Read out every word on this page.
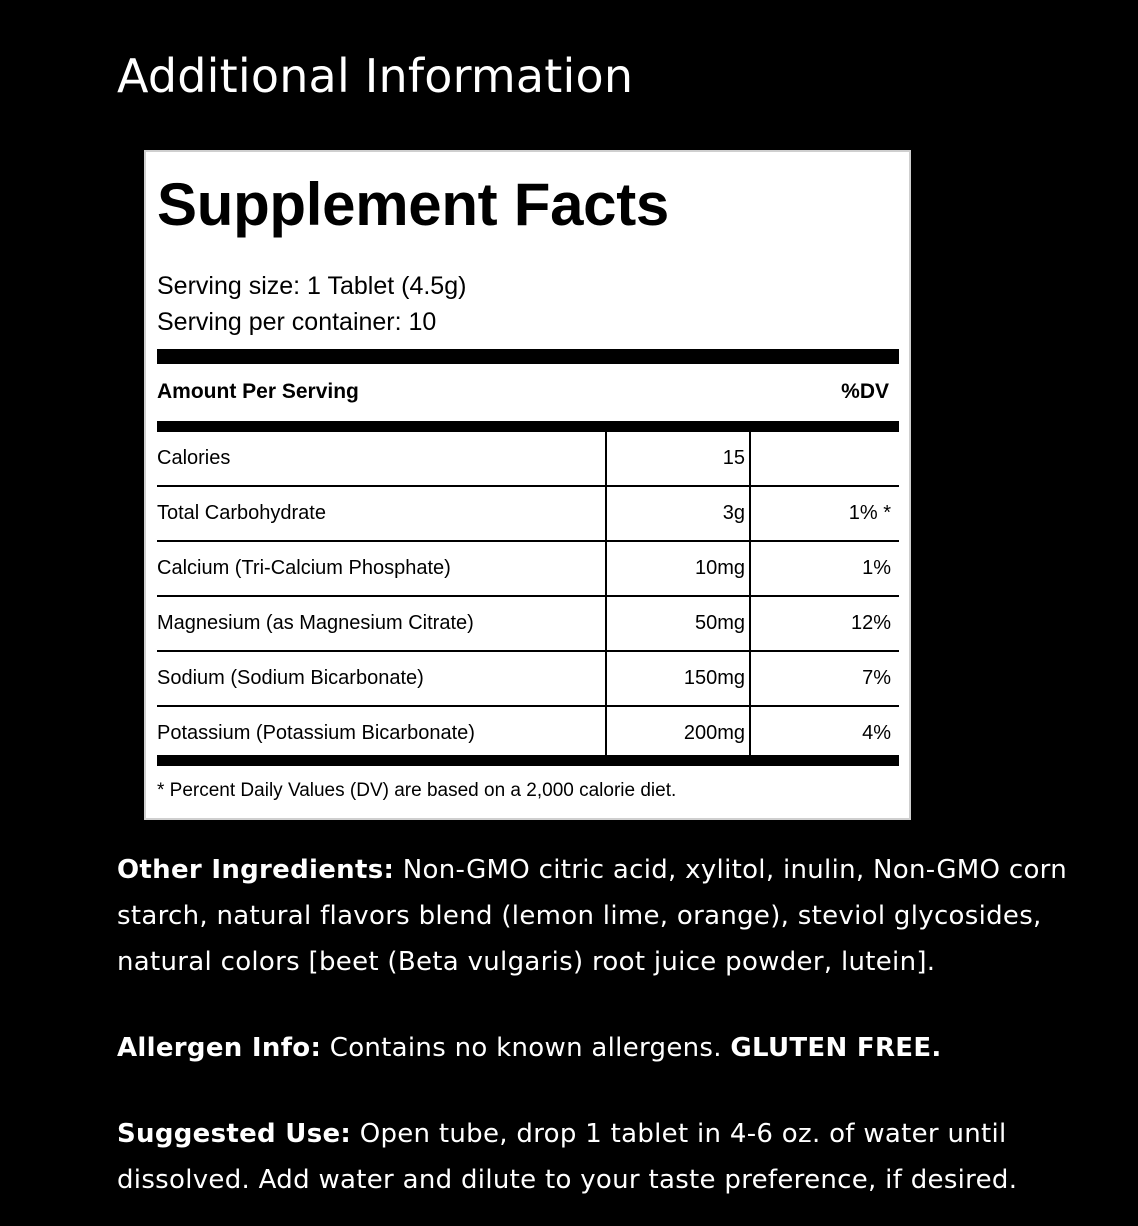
Additional Information
Supplement Facts
Serving size: 1 Tablet (4.5g)
Serving per container: 10
Amount Per Serving	%DV
Calories	15	
Total Carbohydrate	3g	1% *
Calcium (Tri-Calcium Phosphate)	10mg	1%
Magnesium (as Magnesium Citrate)	50mg	12%
Sodium (Sodium Bicarbonate)	150mg	7%
Potassium (Potassium Bicarbonate)	200mg	4%
* Percent Daily Values (DV) are based on a 2,000 calorie diet.

Other Ingredients: Non-GMO citric acid, xylitol, inulin, Non-GMO corn starch, natural flavors blend (lemon lime, orange), steviol glycosides, natural colors [beet (Beta vulgaris) root juice powder, lutein].

Allergen Info: Contains no known allergens. GLUTEN FREE.

Suggested Use: Open tube, drop 1 tablet in 4-6 oz. of water until dissolved. Add water and dilute to your taste preference, if desired.
